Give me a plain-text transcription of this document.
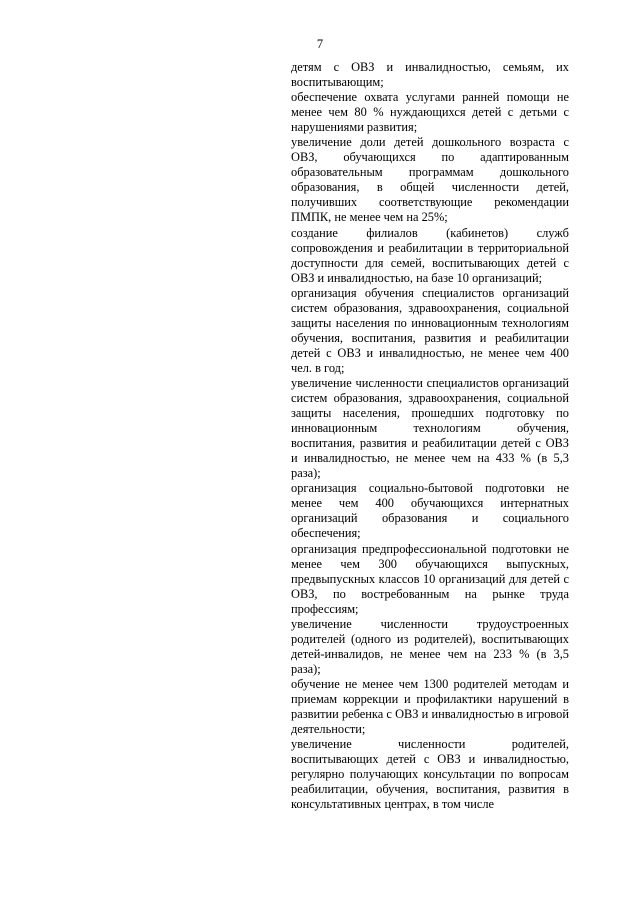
7

детям с ОВЗ и инвалидностью, семьям, их воспитывающим;

обеспечение охвата услугами ранней помощи не менее чем 80 % нуждающихся детей с детьми с нарушениями развития;

увеличение доли детей дошкольного возраста с ОВЗ, обучающихся по адаптированным образовательным программам дошкольного образования, в общей численности детей, получивших соответствующие рекомендации ПМПК, не менее чем на 25%;

создание филиалов (кабинетов) служб сопровождения и реабилитации в территориальной доступности для семей, воспитывающих детей с ОВЗ и инвалидностью, на базе 10 организаций;

организация обучения специалистов организаций систем образования, здравоохранения, социальной защиты населения по инновационным технологиям обучения, воспитания, развития и реабилитации детей с ОВЗ и инвалидностью, не менее чем 400 чел. в год;

увеличение численности специалистов организаций систем образования, здравоохранения, социальной защиты населения, прошедших подготовку по инновационным технологиям обучения, воспитания, развития и реабилитации детей с ОВЗ и инвалидностью, не менее чем на 433 % (в 5,3 раза);

организация социально-бытовой подготовки не менее чем 400 обучающихся интернатных организаций образования и социального обеспечения;

организация предпрофессиональной подготовки не менее чем 300 обучающихся выпускных, предвыпускных классов 10 организаций для детей с ОВЗ, по востребованным на рынке труда профессиям;

увеличение численности трудоустроенных родителей (одного из родителей), воспитывающих детей-инвалидов, не менее чем на 233 % (в 3,5 раза);

обучение не менее чем 1300 родителей методам и приемам коррекции и профилактики нарушений в развитии ребенка с ОВЗ и инвалидностью в игровой деятельности;

увеличение численности родителей, воспитывающих детей с ОВЗ и инвалидностью, регулярно получающих консультации по вопросам реабилитации, обучения, воспитания, развития в консультативных центрах, в том числе
